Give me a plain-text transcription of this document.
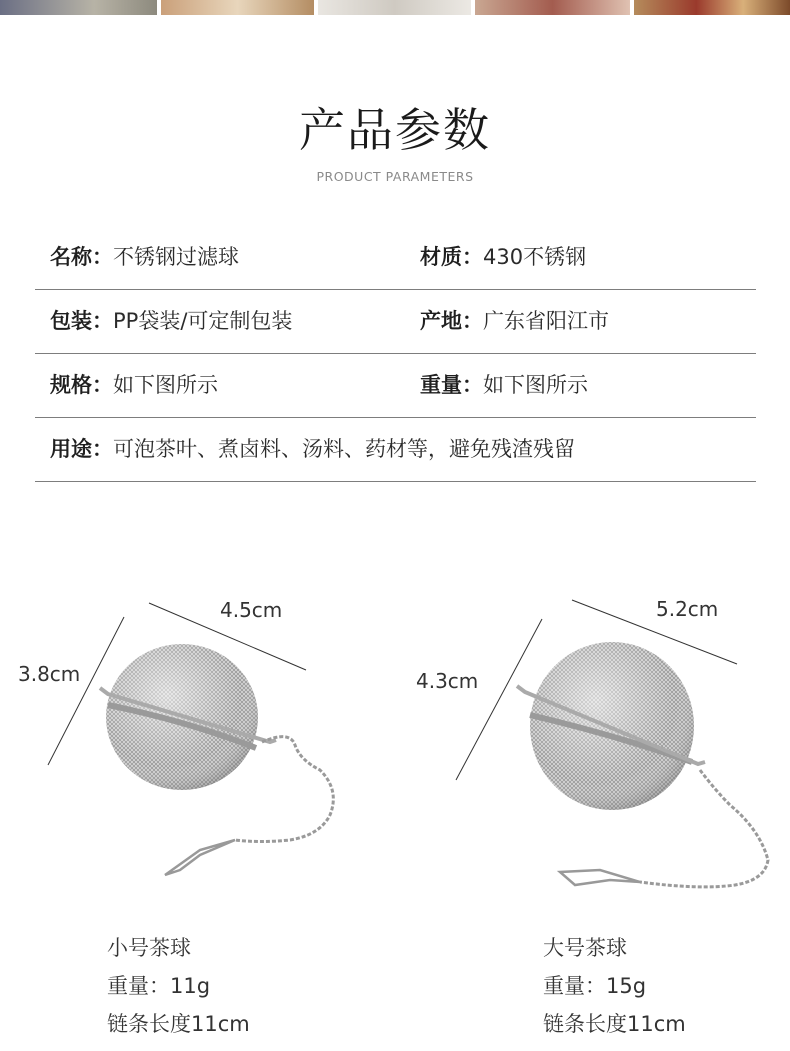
产品参数
PRODUCT PARAMETERS
名称：不锈钢过滤球	材质：430不锈钢
包装：PP袋装/可定制包装	产地：广东省阳江市
规格：如下图所示	重量：如下图所示
用途：可泡茶叶、煮卤料、汤料、药材等，避免残渣残留
4.5cm
3.8cm
5.2cm
4.3cm
小号茶球
重量：11g
链条长度11cm
大号茶球
重量：15g
链条长度11cm
